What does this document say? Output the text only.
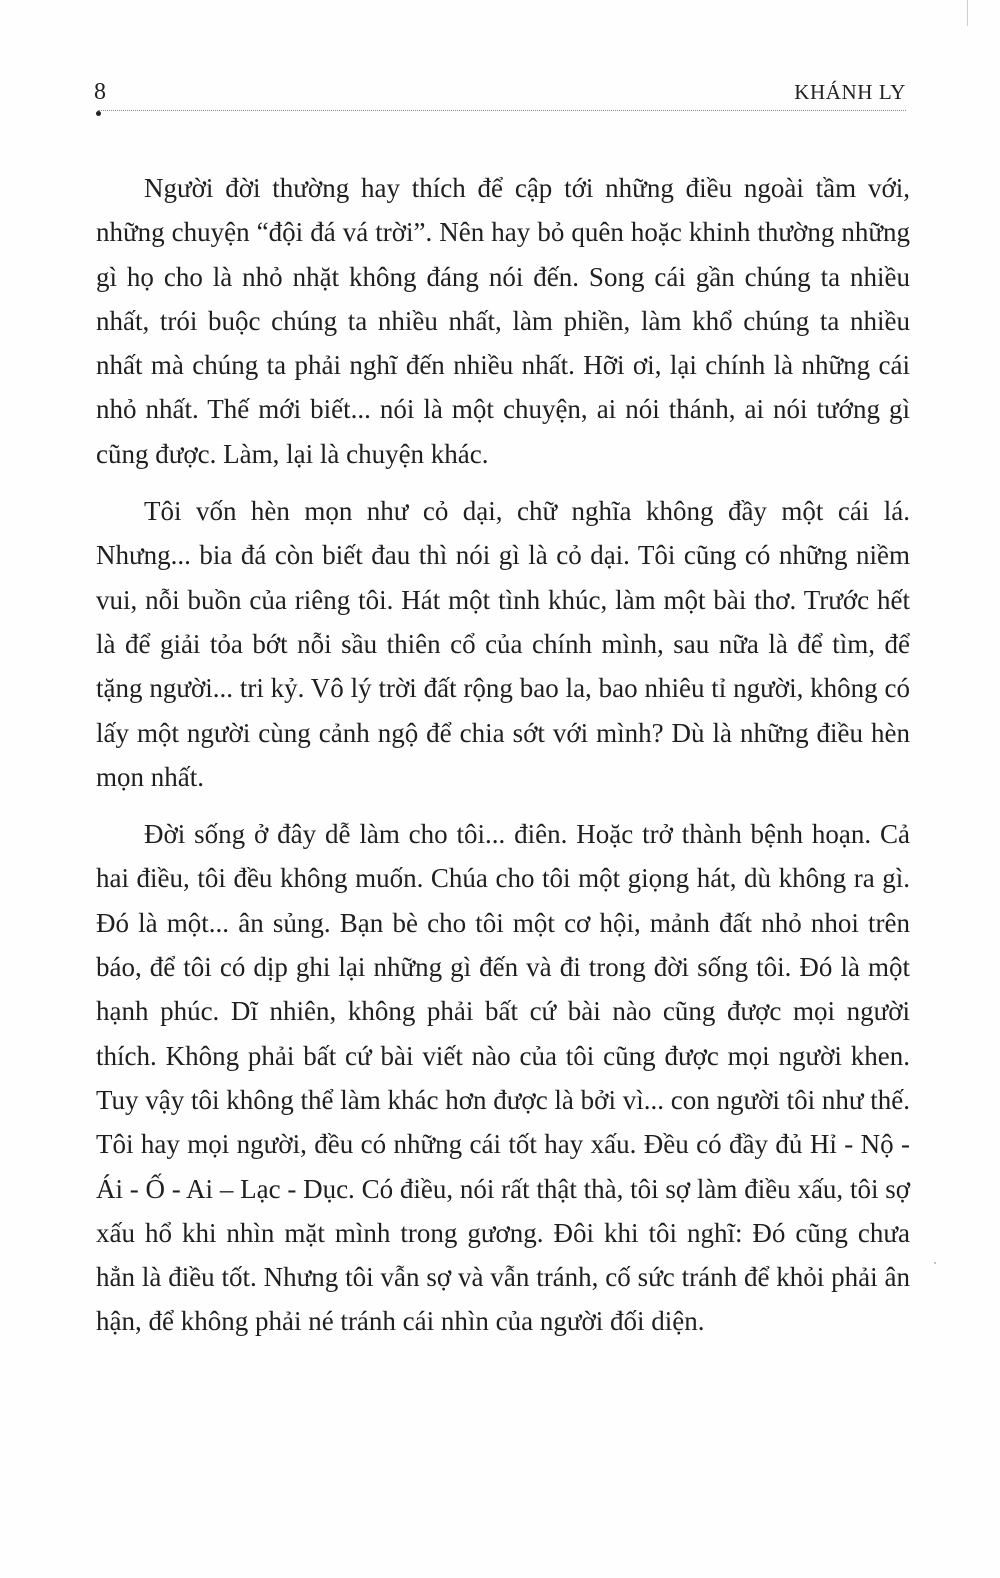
8	KHÁNH LY

Người đời thường hay thích để cập tới những điều ngoài tầm với, những chuyện “đội đá vá trời”. Nên hay bỏ quên hoặc khinh thường những gì họ cho là nhỏ nhặt không đáng nói đến. Song cái gần chúng ta nhiều nhất, trói buộc chúng ta nhiều nhất, làm phiền, làm khổ chúng ta nhiều nhất mà chúng ta phải nghĩ đến nhiều nhất. Hỡi ơi, lại chính là những cái nhỏ nhất. Thế mới biết... nói là một chuyện, ai nói thánh, ai nói tướng gì cũng được. Làm, lại là chuyện khác.

Tôi vốn hèn mọn như cỏ dại, chữ nghĩa không đầy một cái lá. Nhưng... bia đá còn biết đau thì nói gì là cỏ dại. Tôi cũng có những niềm vui, nỗi buồn của riêng tôi. Hát một tình khúc, làm một bài thơ. Trước hết là để giải tỏa bớt nỗi sầu thiên cổ của chính mình, sau nữa là để tìm, để tặng người... tri kỷ. Vô lý trời đất rộng bao la, bao nhiêu tỉ người, không có lấy một người cùng cảnh ngộ để chia sớt với mình? Dù là những điều hèn mọn nhất.

Đời sống ở đây dễ làm cho tôi... điên. Hoặc trở thành bệnh hoạn. Cả hai điều, tôi đều không muốn. Chúa cho tôi một giọng hát, dù không ra gì. Đó là một... ân sủng. Bạn bè cho tôi một cơ hội, mảnh đất nhỏ nhoi trên báo, để tôi có dịp ghi lại những gì đến và đi trong đời sống tôi. Đó là một hạnh phúc. Dĩ nhiên, không phải bất cứ bài nào cũng được mọi người thích. Không phải bất cứ bài viết nào của tôi cũng được mọi người khen. Tuy vậy tôi không thể làm khác hơn được là bởi vì... con người tôi như thế. Tôi hay mọi người, đều có những cái tốt hay xấu. Đều có đầy đủ Hỉ - Nộ - Ái - Ố - Ai – Lạc - Dục. Có điều, nói rất thật thà, tôi sợ làm điều xấu, tôi sợ xấu hổ khi nhìn mặt mình trong gương. Đôi khi tôi nghĩ: Đó cũng chưa hẳn là điều tốt. Nhưng tôi vẫn sợ và vẫn tránh, cố sức tránh để khỏi phải ân hận, để không phải né tránh cái nhìn của người đối diện.
